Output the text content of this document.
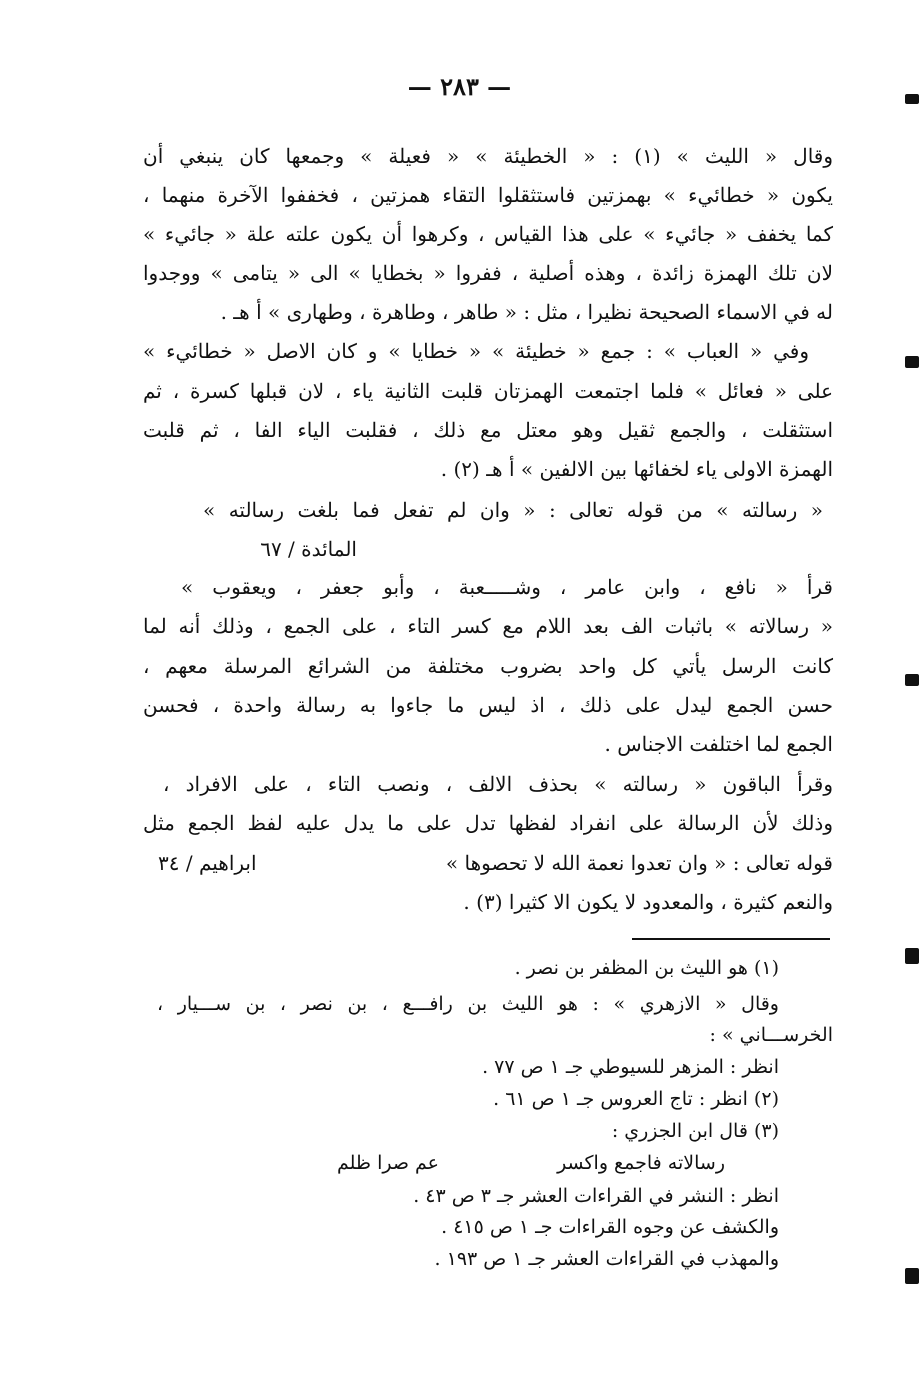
— ٢٨٣ —
وقال « الليث » (١) : « الخطيئة » « فعيلة » وجمعها كان ينبغي أن
يكون « خطائيء » بهمزتين فاستثقلوا التقاء همزتين ، فخففوا الآخرة منهما ،
كما يخفف « جائيء » على هذا القياس ، وكرهوا أن يكون علته علة « جائيء »
لان تلك الهمزة زائدة ، وهذه أصلية ، ففروا « بخطايا » الى « يتامى » ووجدوا
له في الاسماء الصحيحة نظيرا ، مثل : « طاهر ، وطاهرة ، وطهارى » أ هـ .
وفي « العباب » : جمع « خطيئة » « خطايا » و كان الاصل « خطائيء »
على « فعائل » فلما اجتمعت الهمزتان قلبت الثانية ياء ، لان قبلها كسرة ، ثم
استثقلت ، والجمع ثقيل وهو معتل مع ذلك ، فقلبت الياء الفا ، ثم قلبت
الهمزة الاولى ياء لخفائها بين الالفين » أ هـ (٢) .
« رسالته » من قوله تعالى : « وان لم تفعل فما بلغت رسالته »
المائدة / ٦٧
قرأ « نافع ، وابن عامر ، وشـــــعبة ، وأبو جعفر ، ويعقوب »
« رسالاته » باثبات الف بعد اللام مع كسر التاء ، على الجمع ، وذلك أنه لما
كانت الرسل يأتي كل واحد بضروب مختلفة من الشرائع المرسلة معهم ،
حسن الجمع ليدل على ذلك ، اذ ليس ما جاءوا به رسالة واحدة ، فحسن
الجمع لما اختلفت الاجناس .
وقرأ الباقون « رسالته » بحذف الالف ، ونصب التاء ، على الافراد ،
وذلك لأن الرسالة على انفراد لفظها تدل على ما يدل عليه لفظ الجمع مثل
قوله تعالى : « وان تعدوا نعمة الله لا تحصوها »
ابراهيم / ٣٤
والنعم كثيرة ، والمعدود لا يكون الا كثيرا (٣) .
(١) هو الليث بن المظفر بن نصر .
وقال « الازهري » : هو الليث بن رافـــع ، بن نصر ، بن ســـيار ،
الخرســـاني » :
انظر : المزهر للسيوطي جـ ١ ص ٧٧ .
(٢) انظر : تاج العروس جـ ١ ص ٦١ .
(٣) قال ابن الجزري :
رسالاته فاجمع واكسر
عم صرا ظلم
انظر : النشر في القراءات العشر جـ ٣ ص ٤٣ .
والكشف عن وجوه القراءات جـ ١ ص ٤١٥ .
والمهذب في القراءات العشر جـ ١ ص ١٩٣ .
